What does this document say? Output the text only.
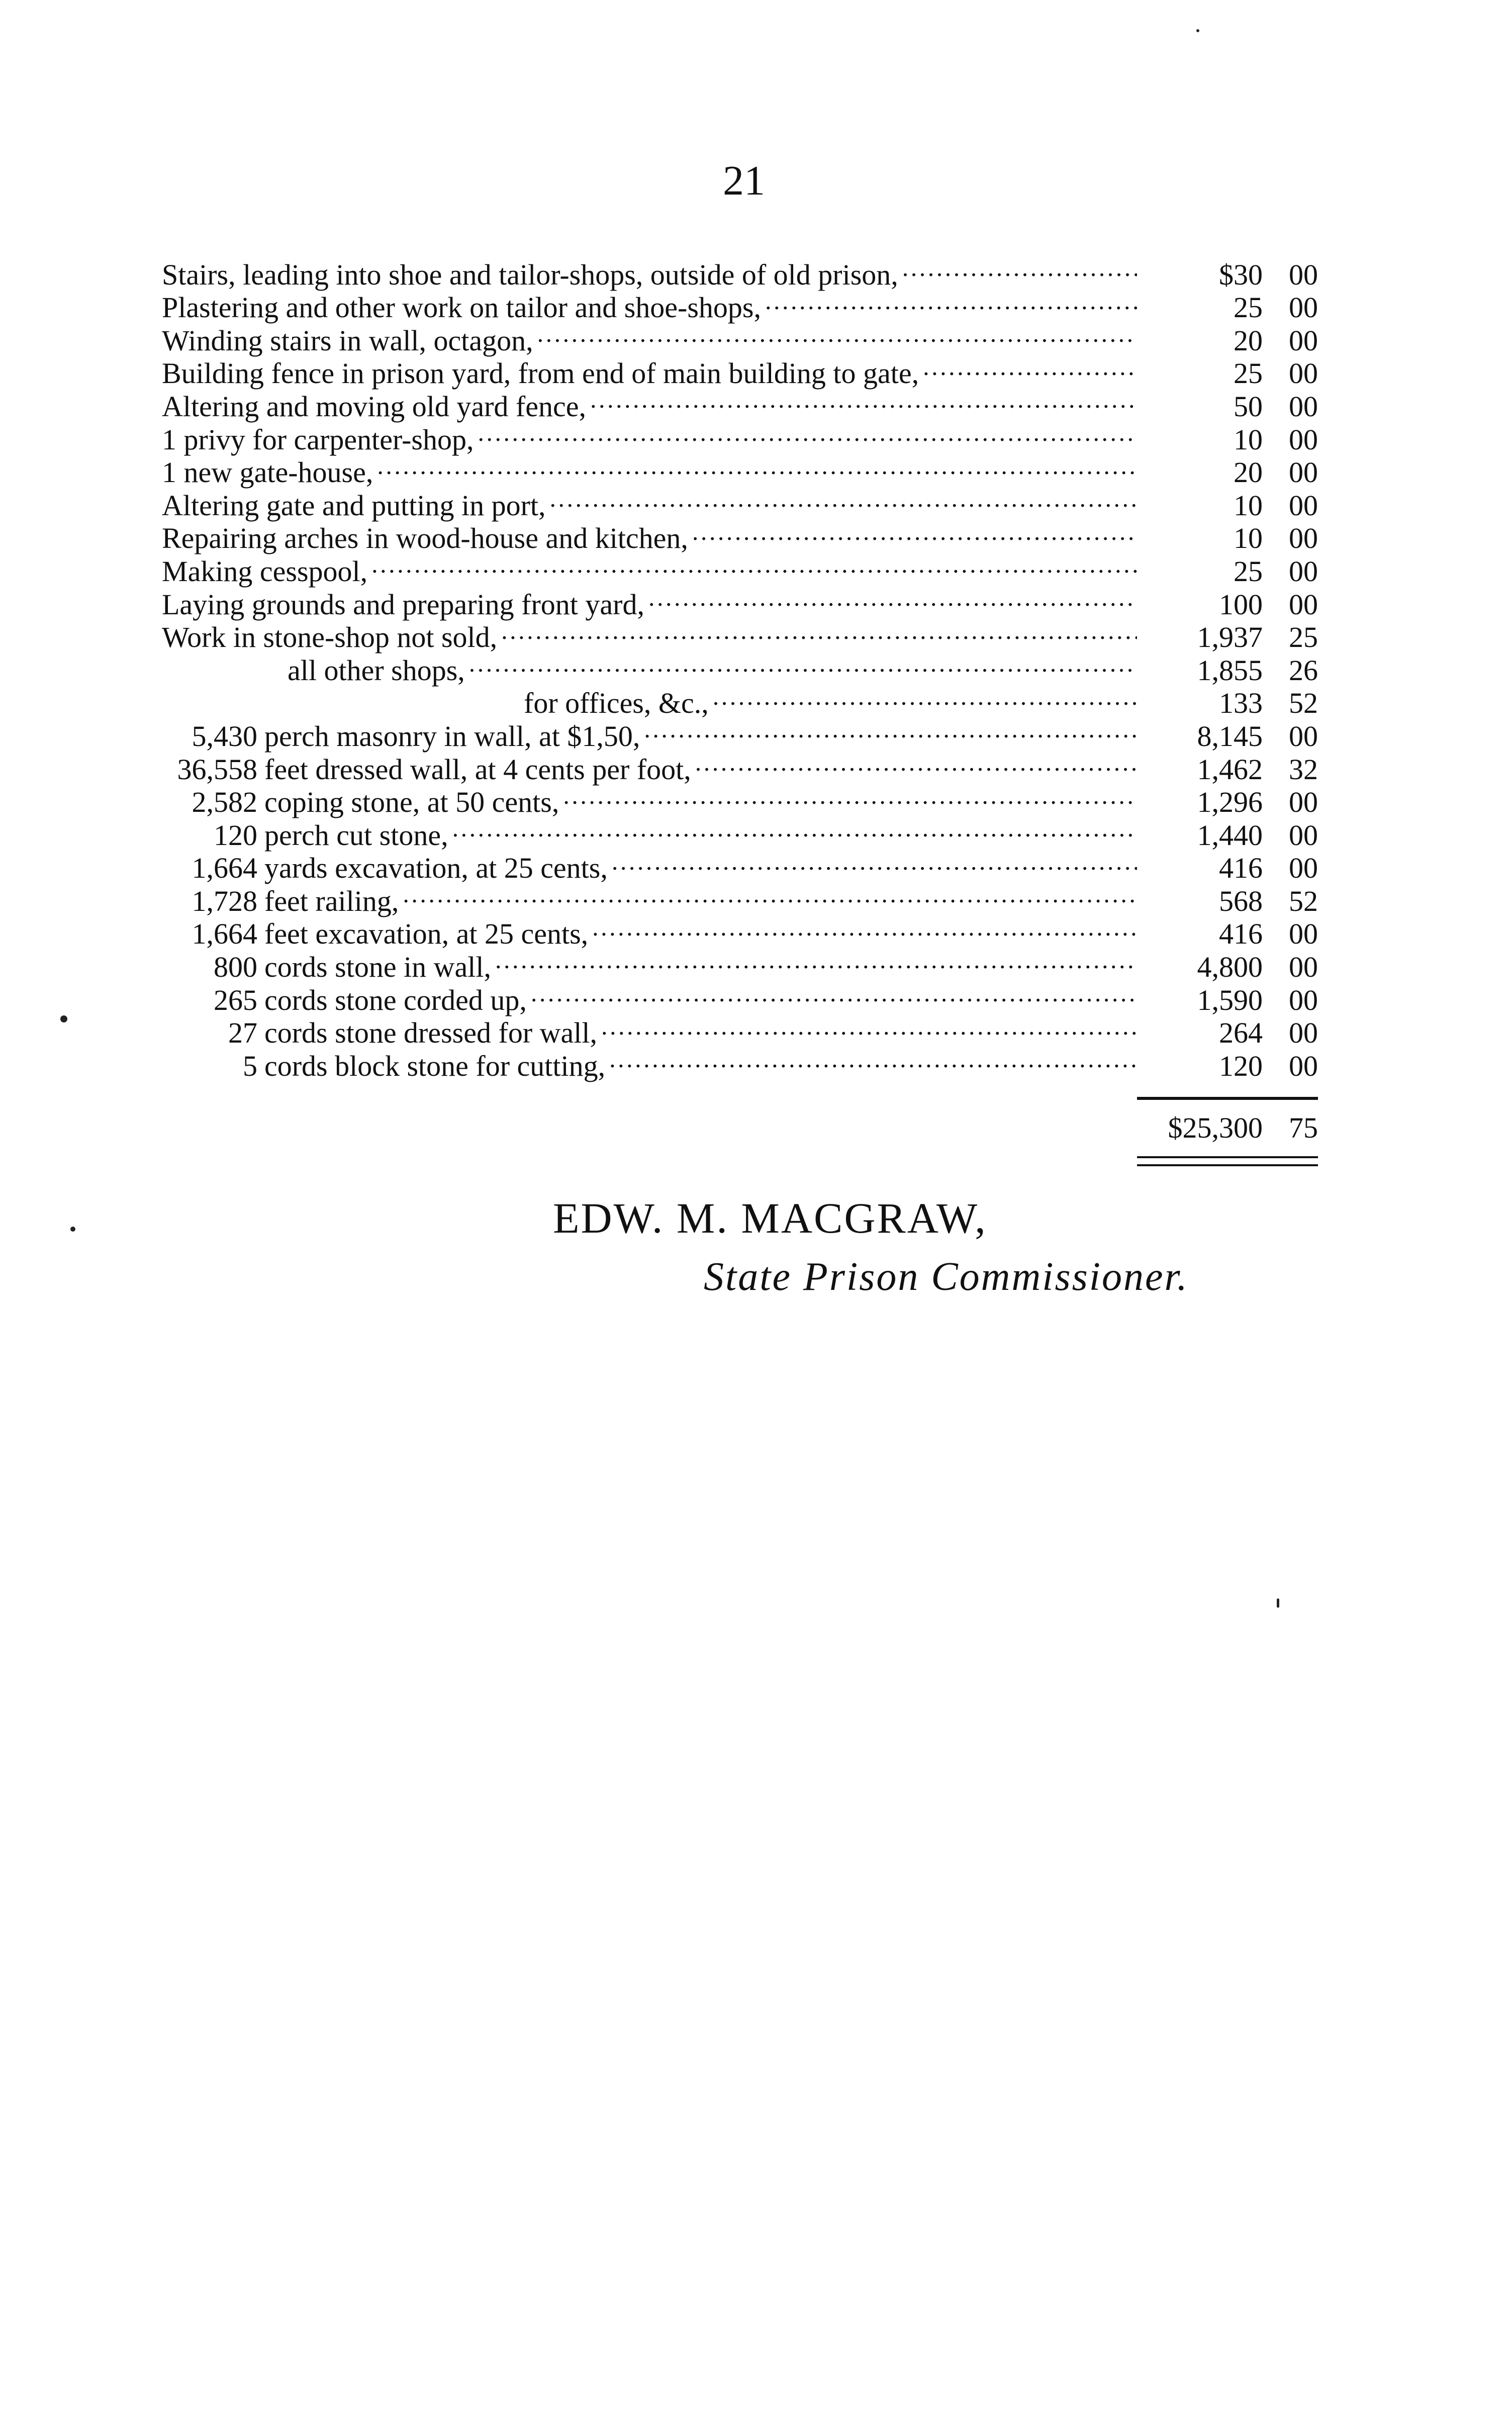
21
Stairs, leading into shoe and tailor-shops, outside of old prison, . . .	$30 00
Plastering and other work on tailor and shoe-shops, . . .	25 00
Winding stairs in wall, octagon, . . .	20 00
Building fence in prison yard, from end of main building to gate, . . .	25 00
Altering and moving old yard fence, . . .	50 00
1 privy for carpenter-shop, . . .	10 00
1 new gate-house, . . .	20 00
Altering gate and putting in port, . . .	10 00
Repairing arches in wood-house and kitchen, . . .	10 00
Making cesspool, . . .	25 00
Laying grounds and preparing front yard, . . .	100 00
Work in stone-shop not sold, . . .	1,937 25
all other shops, . . .	1,855 26
for offices, &c., . . .	133 52
5,430 perch masonry in wall, at $1,50, . . .	8,145 00
36,558 feet dressed wall, at 4 cents per foot, . . .	1,462 32
2,582 coping stone, at 50 cents, . . .	1,296 00
120 perch cut stone, . . .	1,440 00
1,664 yards excavation, at 25 cents, . . .	416 00
1,728 feet railing, . . .	568 52
1,664 feet excavation, at 25 cents, . . .	416 00
800 cords stone in wall, . . .	4,800 00
265 cords stone corded up, . . .	1,590 00
27 cords stone dressed for wall, . . .	264 00
5 cords block stone for cutting, . . .	120 00
$25,300 75
EDW. M. MACGRAW,
State Prison Commissioner.
